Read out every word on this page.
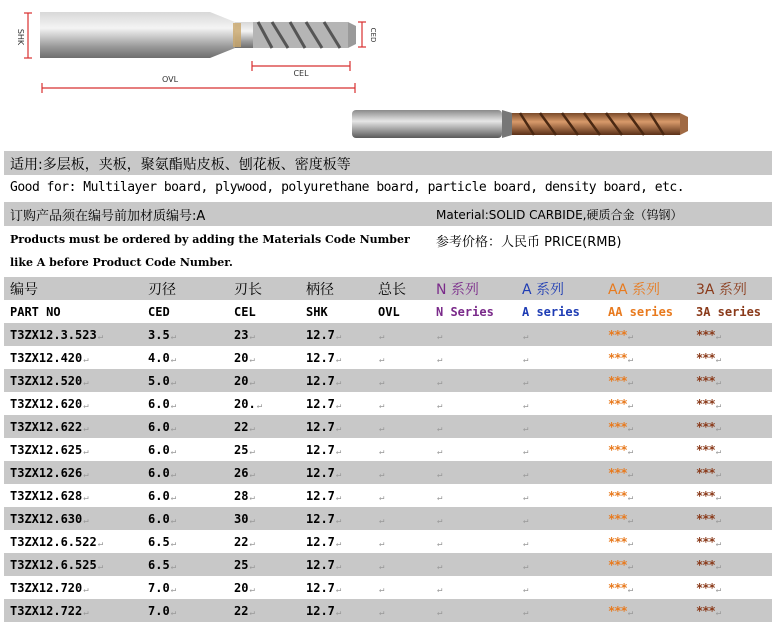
SHK	CED
CEL
OVL
适用:多层板，夹板，聚氨酯贴皮板、刨花板、密度板等
Good for: Multilayer board, plywood, polyurethane board, particle board, density board, etc.
订购产品须在编号前加材质编号:A	Material:SOLID CARBIDE,硬质合金（钨钢）
Products must be ordered by adding the Materials Code Number 参考价格：人民币 PRICE(RMB)
like A before Product Code Number.
编号	刃径	刃长	柄径	总长	N 系列	A 系列	AA 系列	3A 系列
PART NO	CED	CEL	SHK	OVL	N Series	A series	AA series	3A series
T3ZX12.3.523↵	3.5↵	23↵	12.7↵	↵	↵	↵	***↵	***↵
T3ZX12.420↵	4.0↵	20↵	12.7↵	↵	↵	↵	***↵	***↵
T3ZX12.520↵	5.0↵	20↵	12.7↵	↵	↵	↵	***↵	***↵
T3ZX12.620↵	6.0↵	20.↵	12.7↵	↵	↵	↵	***↵	***↵
T3ZX12.622↵	6.0↵	22↵	12.7↵	↵	↵	↵	***↵	***↵
T3ZX12.625↵	6.0↵	25↵	12.7↵	↵	↵	↵	***↵	***↵
T3ZX12.626↵	6.0↵	26↵	12.7↵	↵	↵	↵	***↵	***↵
T3ZX12.628↵	6.0↵	28↵	12.7↵	↵	↵	↵	***↵	***↵
T3ZX12.630↵	6.0↵	30↵	12.7↵	↵	↵	↵	***↵	***↵
T3ZX12.6.522↵	6.5↵	22↵	12.7↵	↵	↵	↵	***↵	***↵
T3ZX12.6.525↵	6.5↵	25↵	12.7↵	↵	↵	↵	***↵	***↵
T3ZX12.720↵	7.0↵	20↵	12.7↵	↵	↵	↵	***↵	***↵
T3ZX12.722↵	7.0↵	22↵	12.7↵	↵	↵	↵	***↵	***↵
